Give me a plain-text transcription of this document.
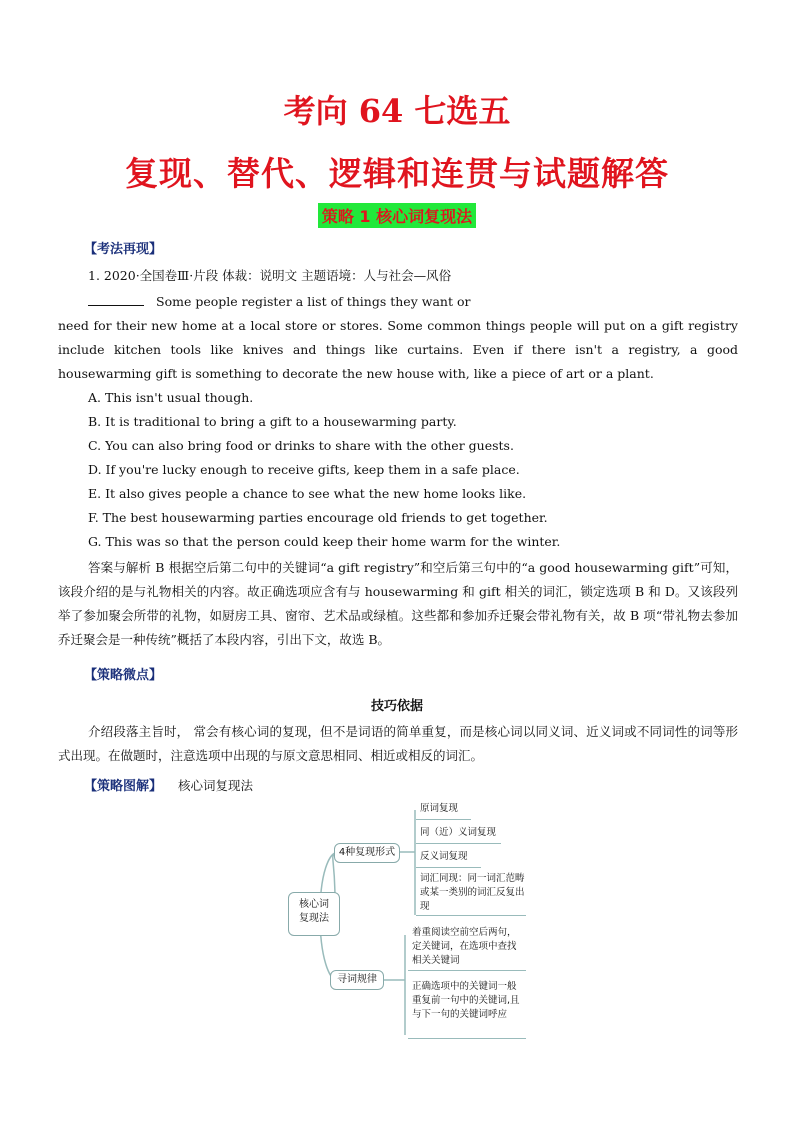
考向 64 七选五
复现、替代、逻辑和连贯与试题解答
策略 1 核心词复现法
【考法再现】
1. 2020·全国卷Ⅲ·片段 体裁：说明文 主题语境：人与社会—风俗
Some people register a list of things they want or
need for their new home at a local store or stores. Some common things people will put on a gift registry include kitchen tools like knives and things like curtains. Even if there isn't a registry, a good housewarming gift is something to decorate the new house with, like a piece of art or a plant.
A. This isn't usual though.
B. It is traditional to bring a gift to a housewarming party.
C. You can also bring food or drinks to share with the other guests.
D. If you're lucky enough to receive gifts, keep them in a safe place.
E. It also gives people a chance to see what the new home looks like.
F. The best housewarming parties encourage old friends to get together.
G. This was so that the person could keep their home warm for the winter.
答案与解析 B 根据空后第二句中的关键词“a gift registry”和空后第三句中的“a good housewarming gift”可知，该段介绍的是与礼物相关的内容。故正确选项应含有与 housewarming 和 gift 相关的词汇，锁定选项 B 和 D。又该段列举了参加聚会所带的礼物，如厨房工具、窗帘、艺术品或绿植。这些都和参加乔迁聚会带礼物有关，故 B 项“带礼物去参加乔迁聚会是一种传统”概括了本段内容，引出下文，故选 B。
【策略微点】
技巧依据
介绍段落主旨时， 常会有核心词的复现，但不是词语的简单重复，而是核心词以同义词、近义词或不同词性的词等形式出现。在做题时，注意选项中出现的与原文意思相同、相近或相反的词汇。
【策略图解】 核心词复现法
核心词复现法
4种复现形式
原词复现
同（近）义词复现
反义词复现
词汇同现：同一词汇范畴或某一类别的词汇反复出现
寻词规律
着重阅读空前空后两句，定关键词，在选项中查找相关关键词
正确选项中的关键词一般重复前一句中的关键词,且与下一句的关键词呼应
